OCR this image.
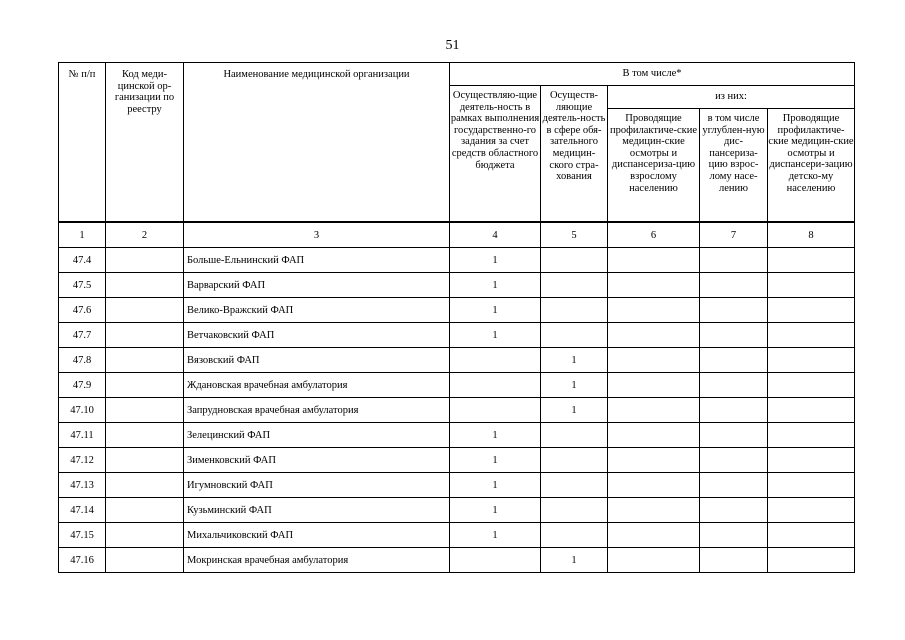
51
№ п/п	Код меди-цинской ор-ганизации по реестру	Наименование медицинской организации	В том числе*				
			Осуществляю-щие деятель-ность в рамках выполнения государственно-го задания за счет средств областного бюджета	Осуществ-ляющие деятель-ность в сфере обя-зательного медицин-ского стра-хования	из них:		
					Проводящие профилактиче-ские медицин-ские осмотры и диспансериза-цию взрослому населению	в том числе углублен-ную дис-пансериза-цию взрос-лому насе-лению	Проводящие профилактиче-ские медицин-ские осмотры и диспансери-зацию детско-му населению
1	2	3	4	5	6	7	8
47.4		Больше-Ельнинский ФАП	1				
47.5		Варварский ФАП	1				
47.6		Велико-Вражский ФАП	1				
47.7		Ветчаковский ФАП	1				
47.8		Вязовский ФАП		1			
47.9		Ждановская врачебная амбулатория		1			
47.10		Запрудновская врачебная амбулатория		1			
47.11		Зелецинский ФАП	1				
47.12		Зименковский ФАП	1				
47.13		Игумновский ФАП	1				
47.14		Кузьминский ФАП	1				
47.15		Михальчиковский ФАП	1				
47.16		Мокринская врачебная амбулатория		1			
